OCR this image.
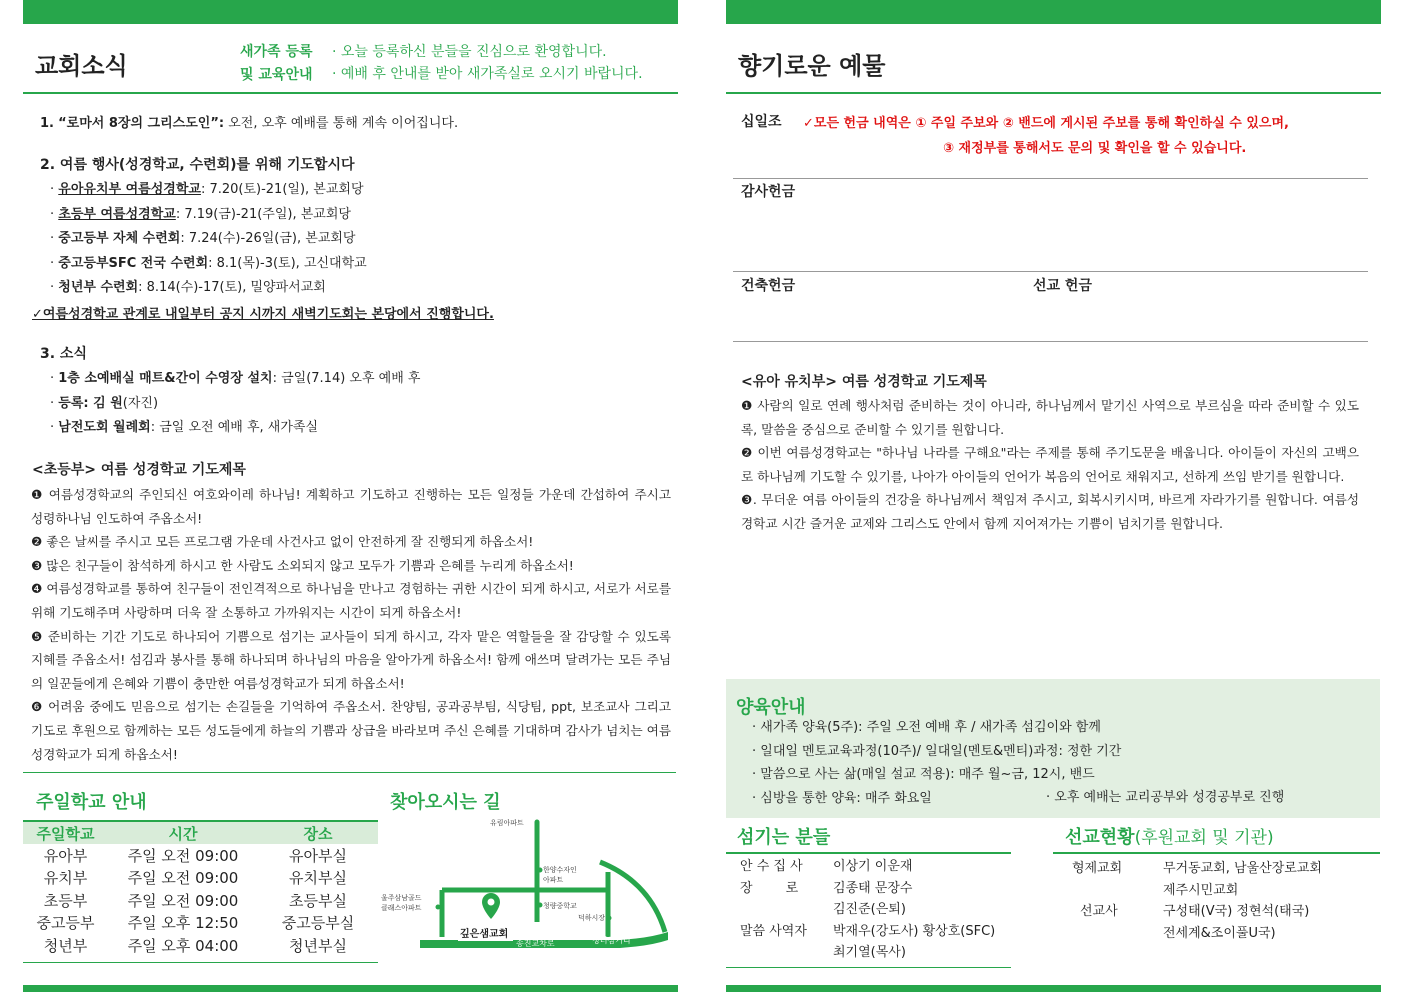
교회소식	새가족 등록
및 교육안내
· 오늘 등록하신 분들을 진심으로 환영합니다.
· 예배 후 안내를 받아 새가족실로 오시기 바랍니다.
1. “로마서 8장의 그리스도인”: 오전, 오후 예배를 통해 계속 이어집니다.
2. 여름 행사(성경학교, 수련회)를 위해 기도합시다
· 유아유치부 여름성경학교: 7.20(토)-21(일), 본교회당
· 초등부 여름성경학교: 7.19(금)-21(주일), 본교회당
· 중고등부 자체 수련회: 7.24(수)-26일(금), 본교회당
· 중고등부SFC 전국 수련회: 8.1(목)-3(토), 고신대학교
· 청년부 수련회: 8.14(수)-17(토), 밀양파서교회
✓여름성경학교 관계로 내일부터 공지 시까지 새벽기도회는 본당에서 진행합니다.
3. 소식
· 1층 소예배실 매트&간이 수영장 설치: 금일(7.14) 오후 예배 후
· 등록: 김 원(자진)
· 남전도회 월례회: 금일 오전 예배 후, 새가족실
<초등부> 여름 성경학교 기도제목
❶ 여름성경학교의 주인되신 여호와이레 하나님! 계획하고 기도하고 진행하는 모든 일정들 가운데 간섭하여 주시고 성령하나님 인도하여 주옵소서!
❷ 좋은 날씨를 주시고 모든 프로그램 가운데 사건사고 없이 안전하게 잘 진행되게 하옵소서!
❸ 많은 친구들이 참석하게 하시고 한 사람도 소외되지 않고 모두가 기쁨과 은혜를 누리게 하옵소서!
❹ 여름성경학교를 통하여 친구들이 전인격적으로 하나님을 만나고 경험하는 귀한 시간이 되게 하시고, 서로가 서로를 위해 기도해주며 사랑하며 더욱 잘 소통하고 가까워지는 시간이 되게 하옵소서!
❺ 준비하는 기간 기도로 하나되어 기쁨으로 섬기는 교사들이 되게 하시고, 각자 맡은 역할들을 잘 감당할 수 있도록 지혜를 주옵소서! 섬김과 봉사를 통해 하나되며 하나님의 마음을 알아가게 하옵소서! 함께 애쓰며 달려가는 모든 주님의 일꾼들에게 은혜와 기쁨이 충만한 여름성경학교가 되게 하옵소서!
❻ 어려움 중에도 믿음으로 섬기는 손길들을 기억하여 주옵소서. 찬양팀, 공과공부팀, 식당팀, ppt, 보조교사 그리고 기도로 후원으로 함께하는 모든 성도들에게 하늘의 기쁨과 상급을 바라보며 주신 은혜를 기대하며 감사가 넘치는 여름성경학교가 되게 하옵소서!
주일학교 안내
주일학교	시간	장소
유아부	주일 오전 09:00	유아부실
유치부	주일 오전 09:00	유치부실
초등부	주일 오전 09:00	초등부실
중고등부	주일 오후 12:50	중고등부실
청년부	주일 오후 04:00	청년부실
찾아오시는 길
유림아파트
한양수자인
아파트
울주삼남골드
클래스아파트	청량중학교
덕하시장
깊은샘교회
송진교차로	청터삼거리
향기로운 예물
십일조 ✓모든 헌금 내역은 ① 주일 주보와 ② 밴드에 게시된 주보를 통해 확인하실 수 있으며,
③ 재정부를 통해서도 문의 및 확인을 할 수 있습니다.
감사헌금
건축헌금	선교 헌금
<유아 유치부> 여름 성경학교 기도제목
❶ 사람의 일로 연례 행사처럼 준비하는 것이 아니라, 하나님께서 맡기신 사역으로 부르심을 따라 준비할 수 있도록, 말씀을 중심으로 준비할 수 있기를 원합니다.
❷ 이번 여름성경학교는 "하나님 나라를 구해요"라는 주제를 통해 주기도문을 배웁니다. 아이들이 자신의 고백으로 하나님께 기도할 수 있기를, 나아가 아이들의 언어가 복음의 언어로 채워지고, 선하게 쓰임 받기를 원합니다.
❸. 무더운 여름 아이들의 건강을 하나님께서 책임져 주시고, 회복시키시며, 바르게 자라가기를 원합니다. 여름성경학교 시간 즐거운 교제와 그리스도 안에서 함께 지어져가는 기쁨이 넘치기를 원합니다.
양육안내
· 새가족 양육(5주): 주일 오전 예배 후 / 새가족 섬김이와 함께
· 일대일 멘토교육과정(10주)/ 일대일(멘토&멘티)과정: 정한 기간
· 말씀으로 사는 삶(매일 설교 적용): 매주 월~금, 12시, 밴드
· 심방을 통한 양육: 매주 화요일	· 오후 예배는 교리공부와 성경공부로 진행
섬기는 분들
안 수 집 사 이상기 이운재
장        로	김종태 문장수
김진준(은퇴)
말씀 사역자 박재우(강도사) 황상호(SFC)
최기열(목사)
선교현황(후원교회 및 기관)
형제교회	무거동교회, 남울산장로교회
제주시민교회
선교사	구성태(V국) 정현석(태국)
전세계&조이풀U국)
